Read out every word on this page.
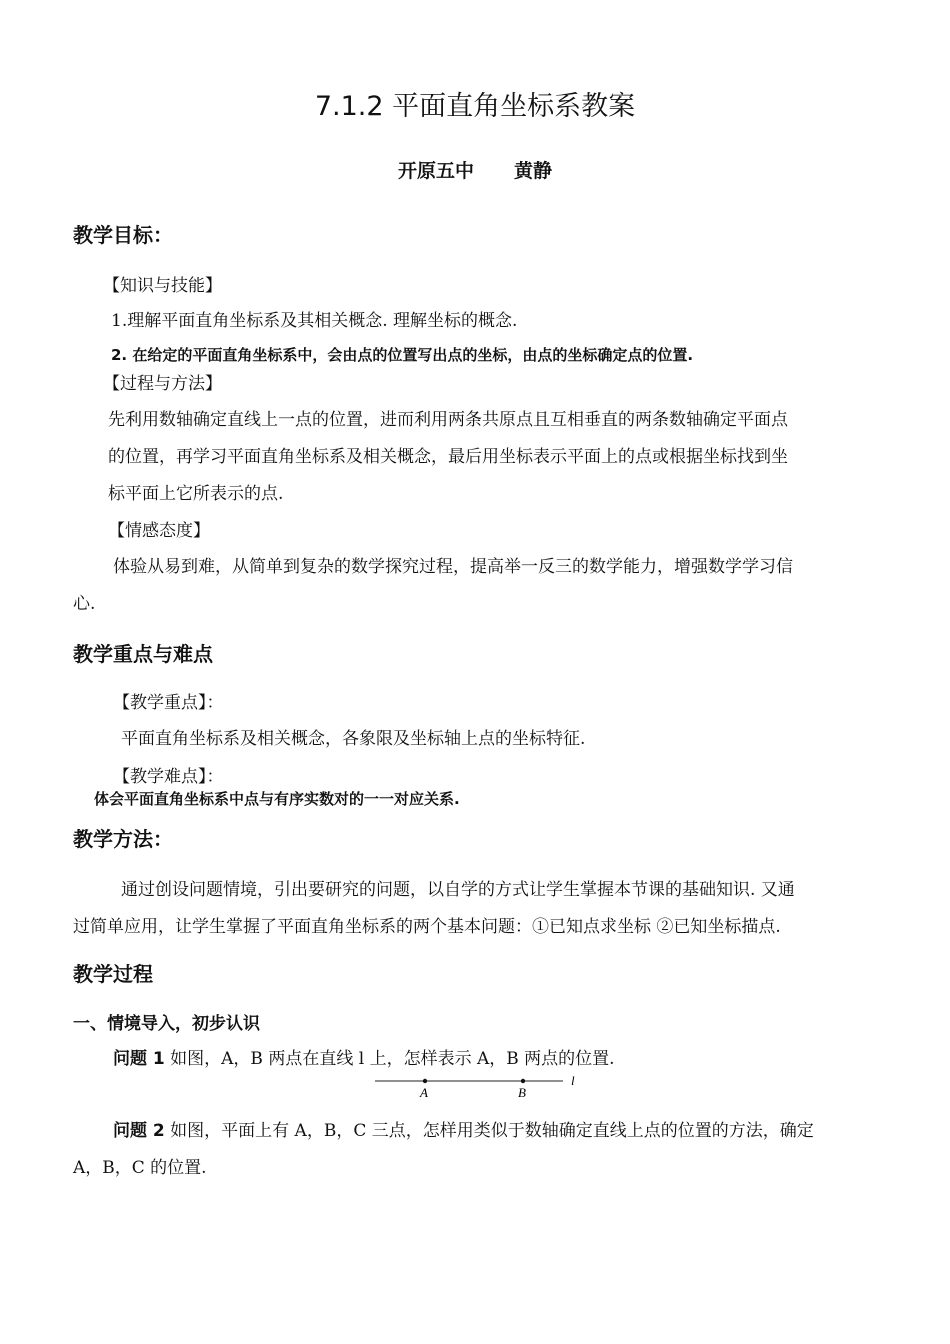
7.1.2 平面直角坐标系教案
开原五中 黄静
教学目标：
【知识与技能】
1.理解平面直角坐标系及其相关概念. 理解坐标的概念.
2. 在给定的平面直角坐标系中，会由点的位置写出点的坐标，由点的坐标确定点的位置.
【过程与方法】
先利用数轴确定直线上一点的位置，进而利用两条共原点且互相垂直的两条数轴确定平面点
的位置，再学习平面直角坐标系及相关概念，最后用坐标表示平面上的点或根据坐标找到坐
标平面上它所表示的点.
【情感态度】
体验从易到难，从简单到复杂的数学探究过程，提高举一反三的数学能力，增强数学学习信
心.
教学重点与难点
【教学重点】：
平面直角坐标系及相关概念，各象限及坐标轴上点的坐标特征.
【教学难点】：
体会平面直角坐标系中点与有序实数对的一一对应关系.
教学方法：
通过创设问题情境，引出要研究的问题，以自学的方式让学生掌握本节课的基础知识. 又通
过简单应用，让学生掌握了平面直角坐标系的两个基本问题：①已知点求坐标 ②已知坐标描点.
教学过程
一、情境导入，初步认识
问题 1 如图，A，B 两点在直线 l 上，怎样表示 A，B 两点的位置.
A	B
l
问题 2 如图，平面上有 A，B，C 三点，怎样用类似于数轴确定直线上点的位置的方法，确定
A，B，C 的位置.
